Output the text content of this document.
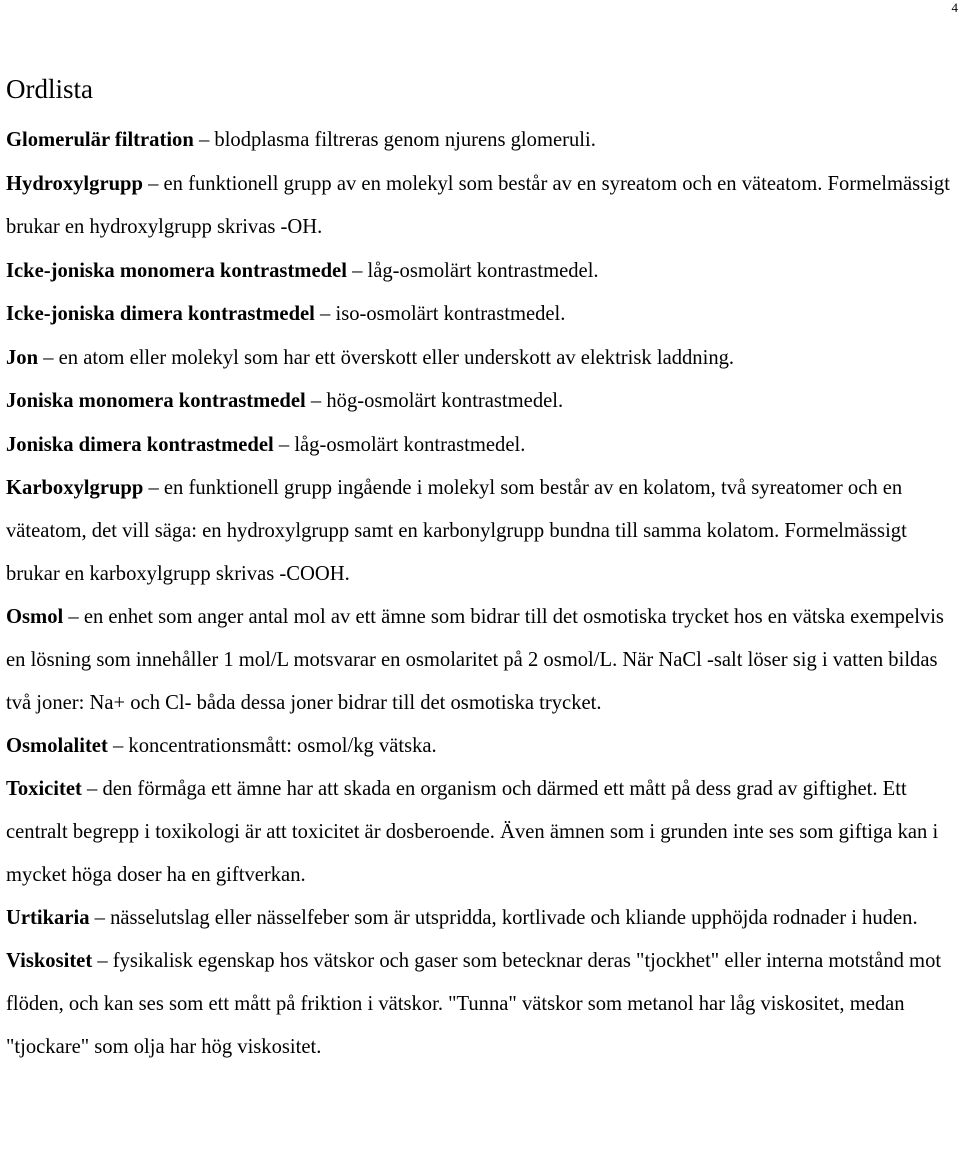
4
Ordlista

Glomerulär filtration – blodplasma filtreras genom njurens glomeruli.

Hydroxylgrupp – en funktionell grupp av en molekyl som består av en syreatom och en väteatom. Formelmässigt brukar en hydroxylgrupp skrivas -OH.

Icke-joniska monomera kontrastmedel – låg-osmolärt kontrastmedel.

Icke-joniska dimera kontrastmedel – iso-osmolärt kontrastmedel.

Jon – en atom eller molekyl som har ett överskott eller underskott av elektrisk laddning.

Joniska monomera kontrastmedel – hög-osmolärt kontrastmedel.

Joniska dimera kontrastmedel – låg-osmolärt kontrastmedel.

Karboxylgrupp – en funktionell grupp ingående i molekyl som består av en kolatom, två syreatomer och en väteatom, det vill säga: en hydroxylgrupp samt en karbonylgrupp bundna till samma kolatom. Formelmässigt brukar en karboxylgrupp skrivas -COOH.

Osmol – en enhet som anger antal mol av ett ämne som bidrar till det osmotiska trycket hos en vätska exempelvis en lösning som innehåller 1 mol/L motsvarar en osmolaritet på 2 osmol/L. När NaCl -salt löser sig i vatten bildas två joner: Na+ och Cl- båda dessa joner bidrar till det osmotiska trycket.

Osmolalitet – koncentrationsmått: osmol/kg vätska.

Toxicitet – den förmåga ett ämne har att skada en organism och därmed ett mått på dess grad av giftighet. Ett centralt begrepp i toxikologi är att toxicitet är dosberoende. Även ämnen som i grunden inte ses som giftiga kan i mycket höga doser ha en giftverkan.

Urtikaria – nässelutslag eller nässelfeber som är utspridda, kortlivade och kliande upphöjda rodnader i huden.

Viskositet – fysikalisk egenskap hos vätskor och gaser som betecknar deras "tjockhet" eller interna motstånd mot flöden, och kan ses som ett mått på friktion i vätskor. "Tunna" vätskor som metanol har låg viskositet, medan "tjockare" som olja har hög viskositet.
